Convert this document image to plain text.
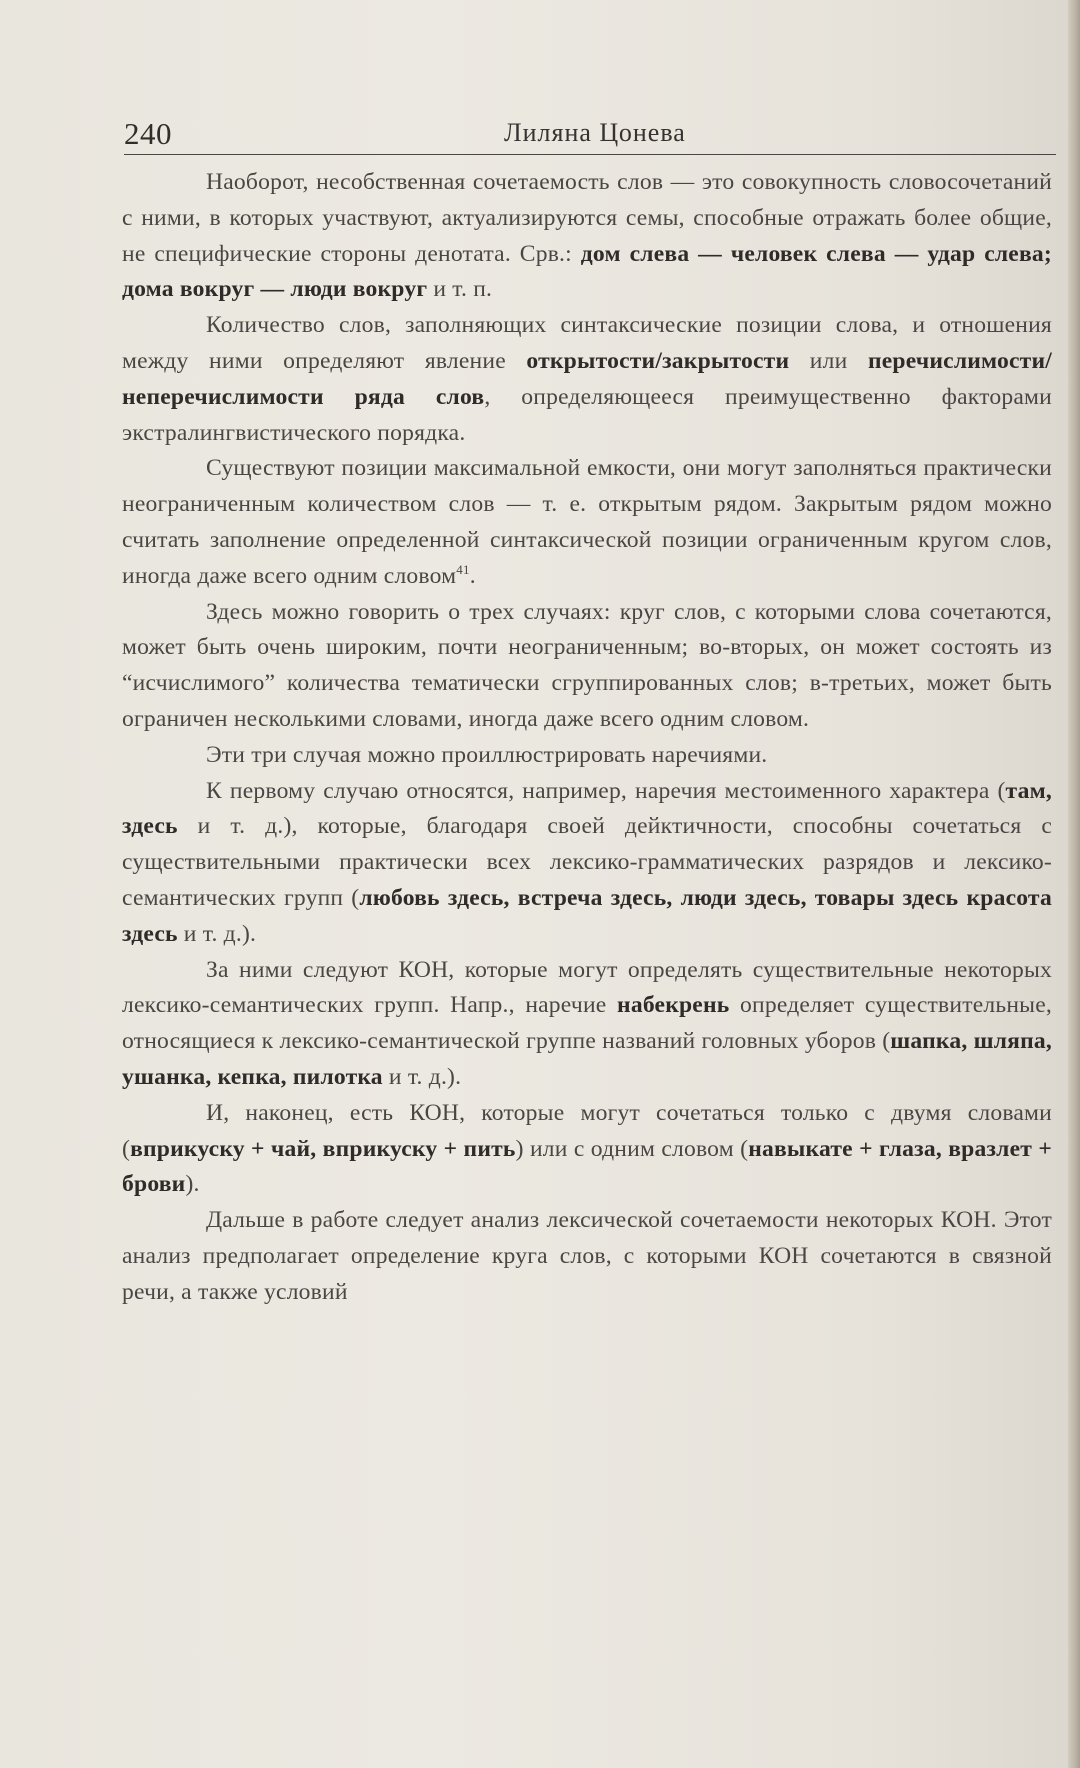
240	Лиляна Цонева

Наоборот, несобственная сочетаемость слов — это совокупность словосочетаний с ними, в которых участвуют, актуализируются семы, способные отражать более общие, не специфические стороны денотата. Срв.: дом слева — человек слева — удар слева; дома вокруг — люди вокруг и т. п.

Количество слов, заполняющих синтаксические позиции слова, и отношения между ними определяют явление открытости/закрытости или перечислимости/неперечислимости ряда слов, определяющееся преимущественно факторами экстралингвистического порядка.

Существуют позиции максимальной емкости, они могут заполняться практически неограниченным количеством слов — т. е. открытым рядом. Закрытым рядом можно считать заполнение определенной синтаксической позиции ограниченным кругом слов, иногда даже всего одним словом$^{41}$.

Здесь можно говорить о трех случаях: круг слов, с которыми слова сочетаются, может быть очень широким, почти неограниченным; во-вторых, он может состоять из “исчислимого” количества тематически сгруппированных слов; в-третьих, может быть ограничен несколькими словами, иногда даже всего одним словом.

Эти три случая можно проиллюстрировать наречиями.

К первому случаю относятся, например, наречия местоименного характера (там, здесь и т. д.), которые, благодаря своей дейктичности, способны сочетаться с существительными практически всех лексико-грамматических разрядов и лексико-семантических групп (любовь здесь, встреча здесь, люди здесь, товары здесь красота здесь и т. д.).

За ними следуют КОН, которые могут определять существительные некоторых лексико-семантических групп. Напр., наречие набекрень определяет существительные, относящиеся к лексико-семантической группе названий головных уборов (шапка, шляпа, ушанка, кепка, пилотка и т. д.).

И, наконец, есть КОН, которые могут сочетаться только с двумя словами (вприкуску + чай, вприкуску + пить) или с одним словом (навыкате + глаза, вразлет + брови).

Дальше в работе следует анализ лексической сочетаемости некоторых КОН. Этот анализ предполагает определение круга слов, с которыми КОН сочетаются в связной речи, а также условий
